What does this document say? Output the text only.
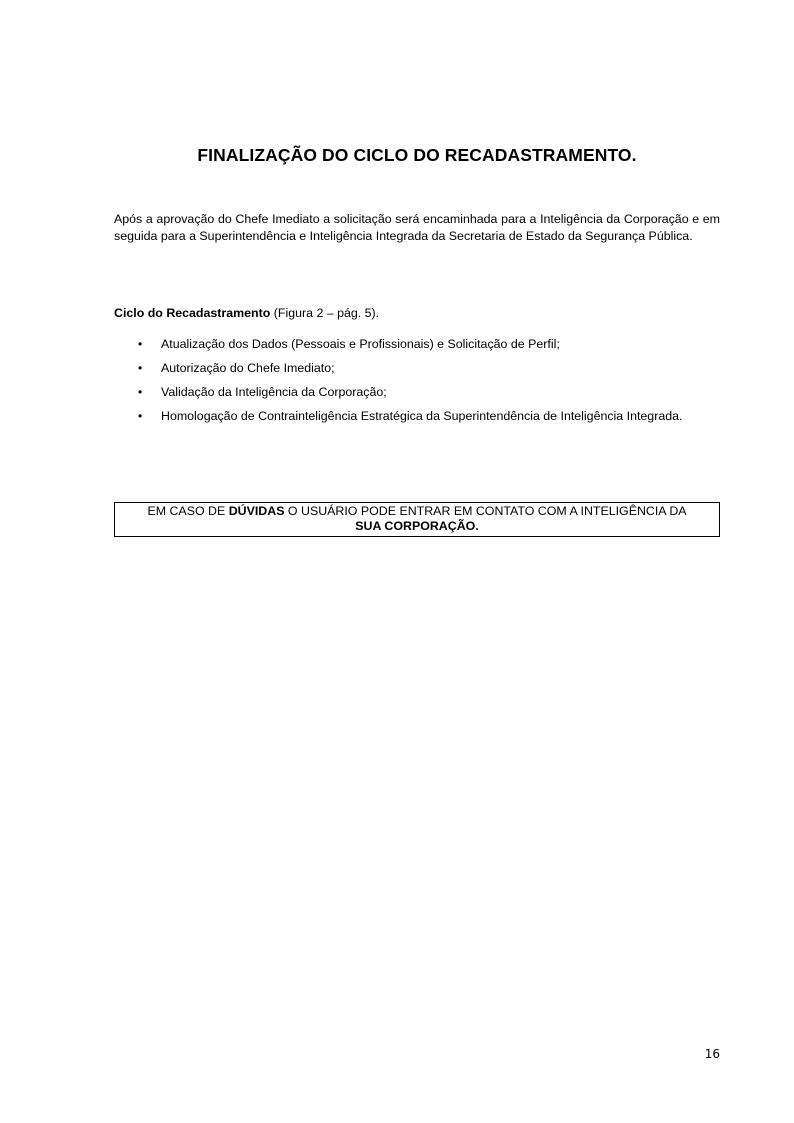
FINALIZAÇÃO DO CICLO DO RECADASTRAMENTO.
Após a aprovação do Chefe Imediato a solicitação será encaminhada para a Inteligência da Corporação e em seguida para a Superintendência e Inteligência Integrada da Secretaria de Estado da Segurança Pública.
Ciclo do Recadastramento (Figura 2 – pág. 5).
• Atualização dos Dados (Pessoais e Profissionais) e Solicitação de Perfil;
• Autorização do Chefe Imediato;
• Validação da Inteligência da Corporação;
• Homologação de Contrainteligência Estratégica da Superintendência de Inteligência Integrada.
EM CASO DE DÚVIDAS O USUÁRIO PODE ENTRAR EM CONTATO COM A INTELIGÊNCIA DA
SUA CORPORAÇÃO.
16
